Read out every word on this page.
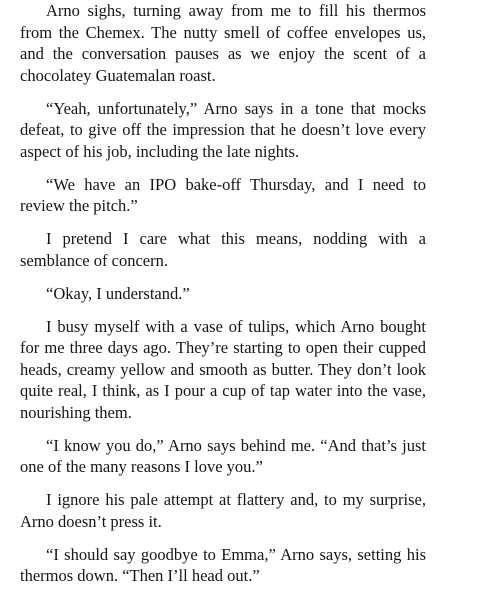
Arno sighs, turning away from me to fill his thermos from the Chemex. The nutty smell of coffee envelopes us, and the conversation pauses as we enjoy the scent of a chocolatey Guatemalan roast.

“Yeah, unfortunately,” Arno says in a tone that mocks defeat, to give off the impression that he doesn’t love every aspect of his job, including the late nights.

“We have an IPO bake-off Thursday, and I need to review the pitch.”

I pretend I care what this means, nodding with a semblance of concern.

“Okay, I understand.”

I busy myself with a vase of tulips, which Arno bought for me three days ago. They’re starting to open their cupped heads, creamy yellow and smooth as butter. They don’t look quite real, I think, as I pour a cup of tap water into the vase, nourishing them.

“I know you do,” Arno says behind me. “And that’s just one of the many reasons I love you.”

I ignore his pale attempt at flattery and, to my surprise, Arno doesn’t press it.

“I should say goodbye to Emma,” Arno says, setting his thermos down. “Then I’ll head out.”
